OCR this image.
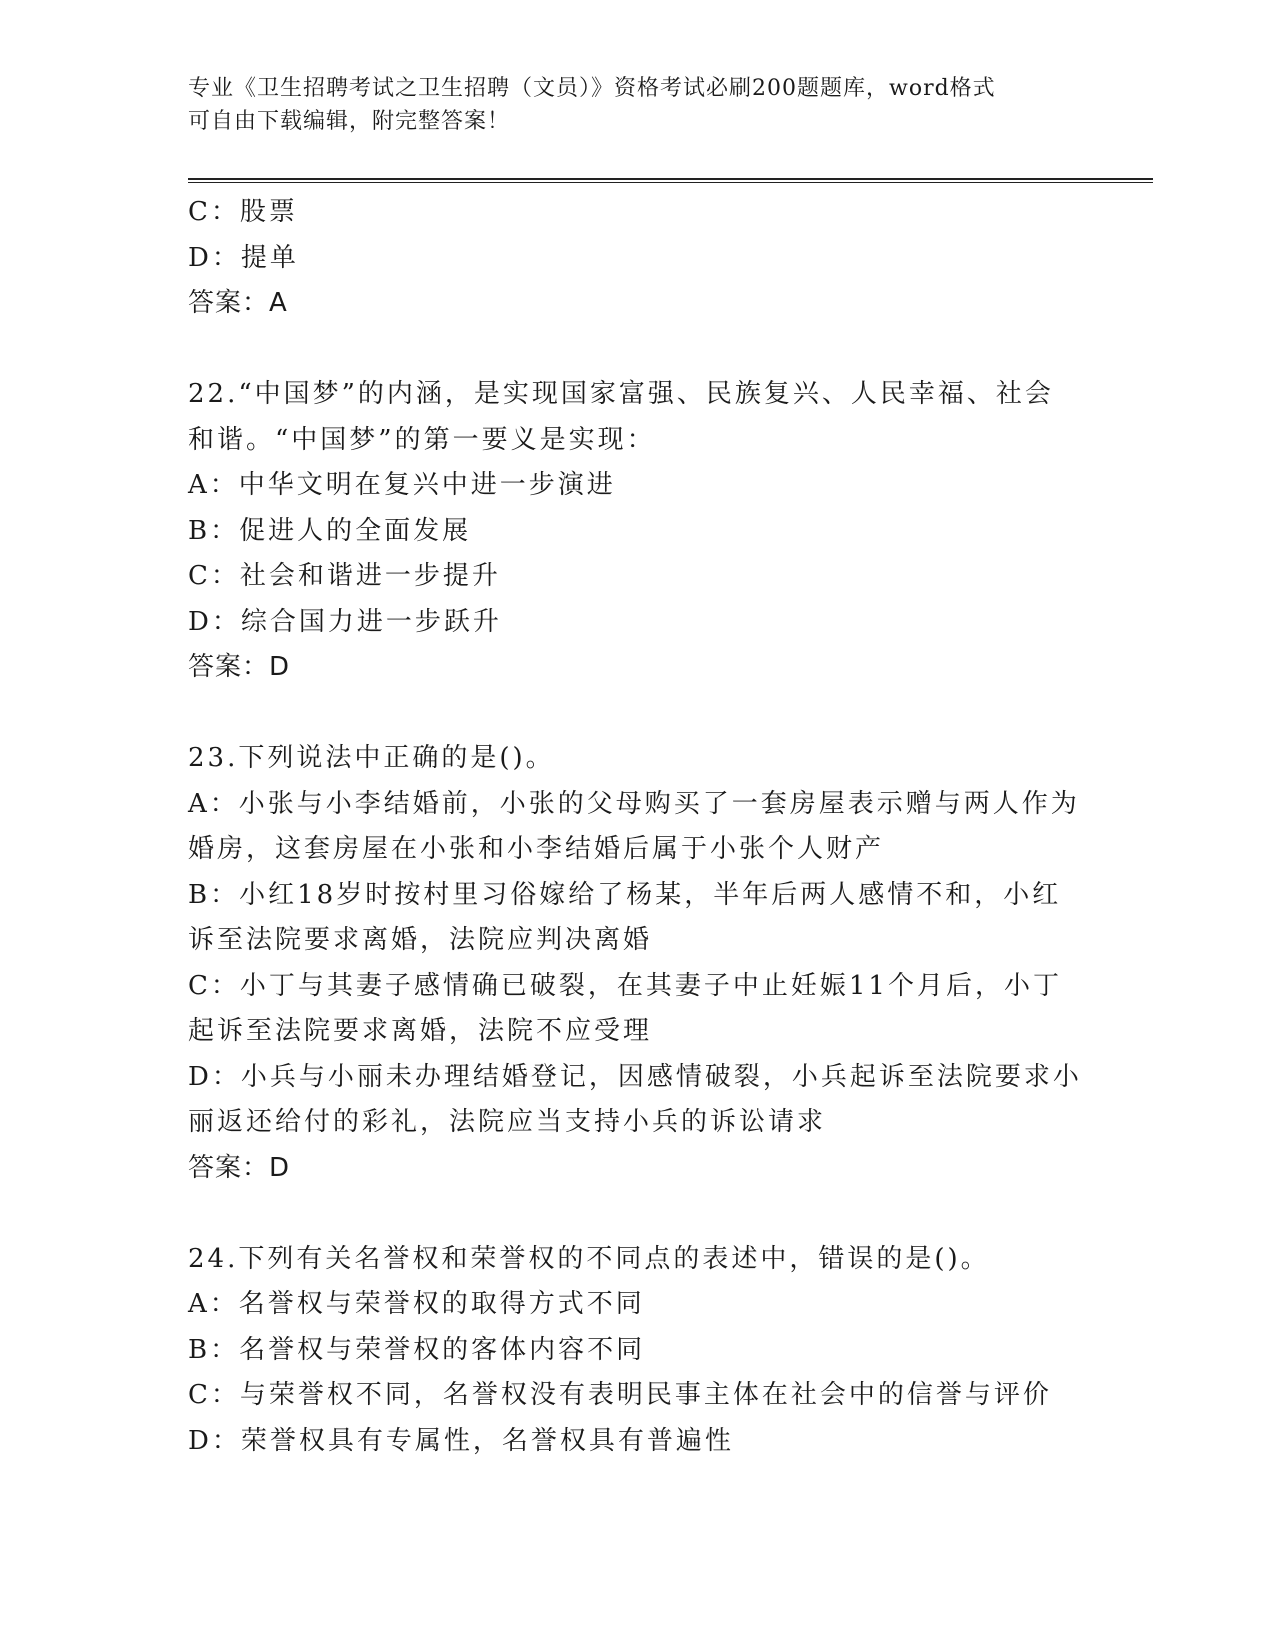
专业《卫生招聘考试之卫生招聘（文员）》资格考试必刷200题题库，word格式
可自由下载编辑，附完整答案！
C：股票
D：提单
答案：A
22.“中国梦”的内涵，是实现国家富强、民族复兴、人民幸福、社会
和谐。“中国梦”的第一要义是实现：
A：中华文明在复兴中进一步演进
B：促进人的全面发展
C：社会和谐进一步提升
D：综合国力进一步跃升
答案：D
23.下列说法中正确的是()。
A：小张与小李结婚前，小张的父母购买了一套房屋表示赠与两人作为
婚房，这套房屋在小张和小李结婚后属于小张个人财产
B：小红18岁时按村里习俗嫁给了杨某，半年后两人感情不和，小红
诉至法院要求离婚，法院应判决离婚
C：小丁与其妻子感情确已破裂，在其妻子中止妊娠11个月后，小丁
起诉至法院要求离婚，法院不应受理
D：小兵与小丽未办理结婚登记，因感情破裂，小兵起诉至法院要求小
丽返还给付的彩礼，法院应当支持小兵的诉讼请求
答案：D
24.下列有关名誉权和荣誉权的不同点的表述中，错误的是()。
A：名誉权与荣誉权的取得方式不同
B：名誉权与荣誉权的客体内容不同
C：与荣誉权不同，名誉权没有表明民事主体在社会中的信誉与评价
D：荣誉权具有专属性，名誉权具有普遍性
